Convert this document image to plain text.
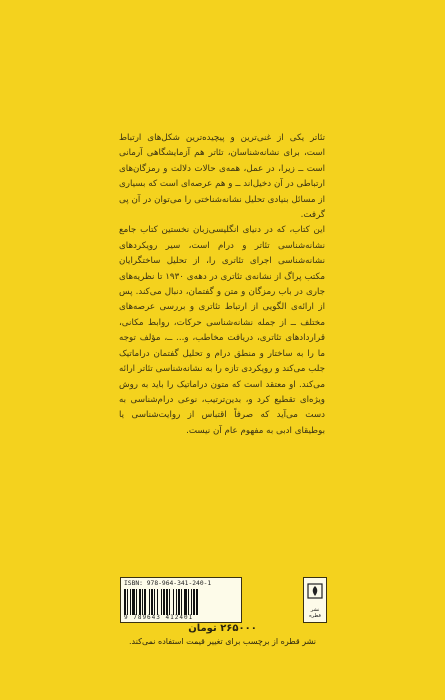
تئاتر یکی از غنی‌ترین و پیچیده‌ترین شکل‌های ارتباط است، برای نشانه‌شناسان، تئاتر هم آزمایشگاهی آرمانی است ــ زیرا، در عمل، همه‌ی حالات دلالت و رمزگان‌های ارتباطی در آن دخیل‌اند ــ و هم عرصه‌ای است که بسیاری از مسائل بنیادی تحلیل نشانه‌شناختی را می‌توان در آن پی گرفت.

این کتاب، که در دنیای انگلیسی‌زبان نخستین کتاب جامع نشانه‌شناسی تئاتر و درام است، سیر رویکردهای نشانه‌شناسی اجرای تئاتری را، از تحلیل ساختگرایان مکتب پراگ از نشانه‌ی تئاتری در دهه‌ی ۱۹۳۰ تا نظریه‌های جاری در باب رمزگان و متن و گفتمان، دنبال می‌کند. پس از ارائه‌ی الگویی از ارتباط تئاتری و بررسی عرصه‌های مختلف ــ از جمله نشانه‌شناسی حرکات، روابط مکانی، قراردادهای تئاتری، دریافت مخاطب، و... ــ، مؤلف توجه ما را به ساختار و منطق درام و تحلیل گفتمان دراماتیک جلب می‌کند و رویکردی تازه را به نشانه‌شناسی تئاتر ارائه می‌کند. او معتقد است که متون دراماتیک را باید به روش ویژه‌ای تقطیع کرد و، بدین‌ترتیب، نوعی درام‌شناسی به دست می‌آید که صرفاً اقتباس از روایت‌شناسی یا بوطیقای ادبی به مفهوم عام آن نیست.

ISBN: 978-964-341-240-1
9 789643 412401
نشر قطره
۲۶۵۰۰۰ تومان
نشر قطره از برچسب برای تغییر قیمت استفاده نمی‌کند.
